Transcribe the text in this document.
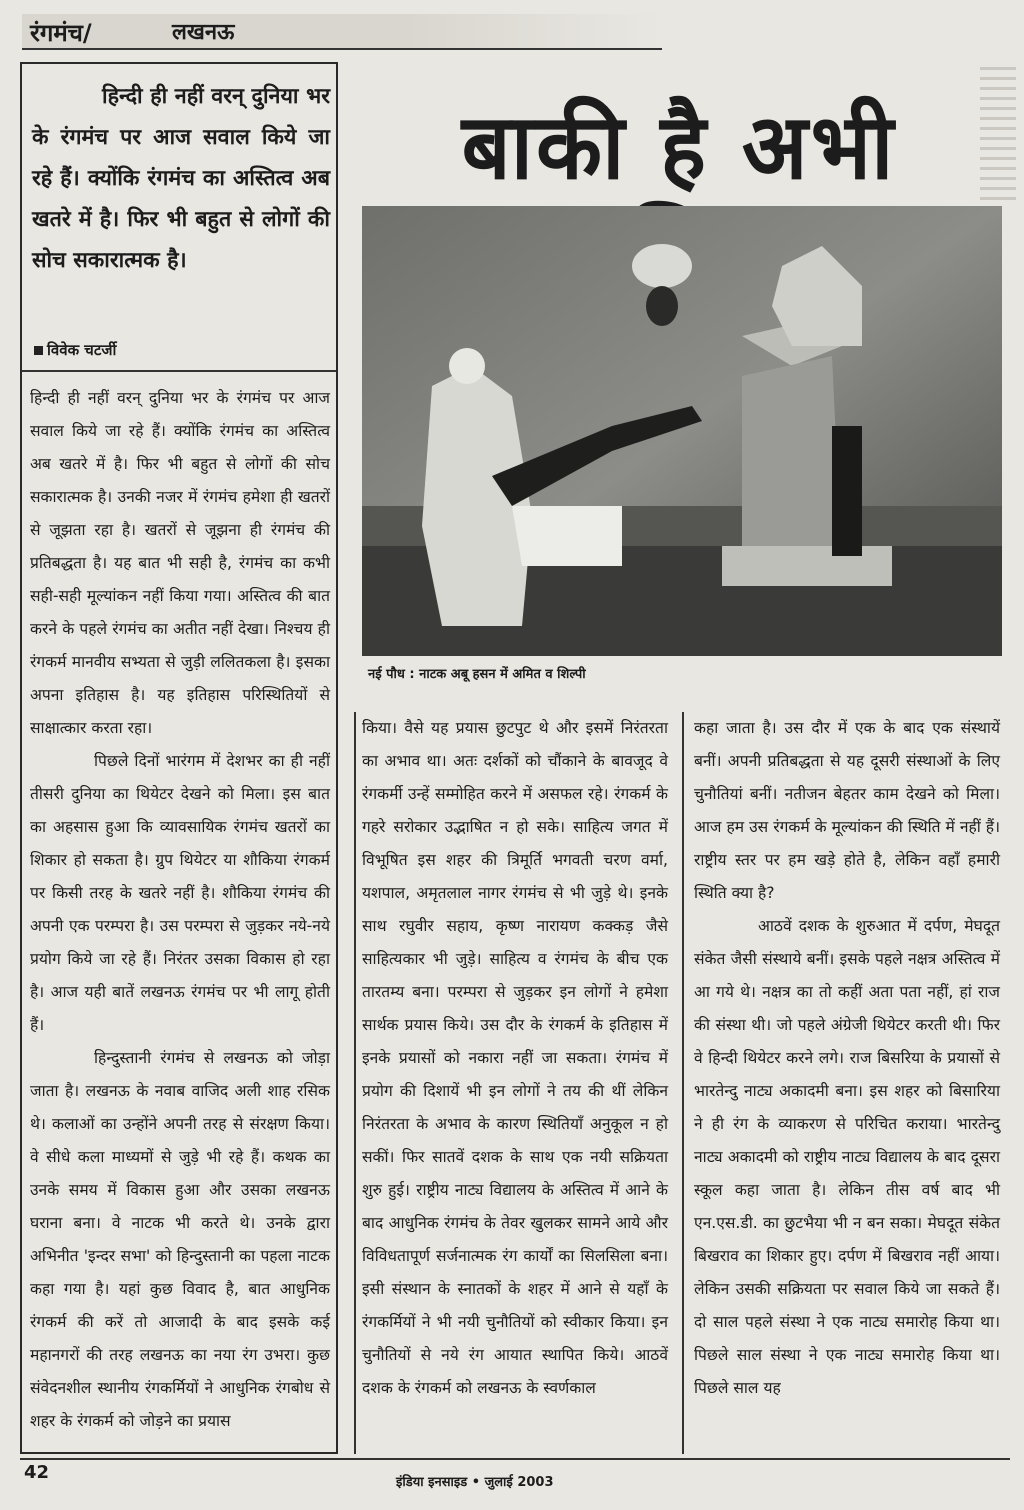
रंगमंच/	लखनऊ
हिन्दी ही नहीं वरन् दुनिया भर के रंगमंच पर आज सवाल किये जा रहे हैं। क्योंकि रंगमंच का अस्तित्व अब खतरे में है। फिर भी बहुत से लोगों की सोच सकारात्मक है।
विवेक चटर्जी

हिन्दी ही नहीं वरन् दुनिया भर के रंगमंच पर आज सवाल किये जा रहे हैं। क्योंकि रंगमंच का अस्तित्व अब खतरे में है। फिर भी बहुत से लोगों की सोच सकारात्मक है। उनकी नजर में रंगमंच हमेशा ही खतरों से जूझता रहा है। खतरों से जूझना ही रंगमंच की प्रतिबद्धता है। यह बात भी सही है, रंगमंच का कभी सही-सही मूल्यांकन नहीं किया गया। अस्तित्व की बात करने के पहले रंगमंच का अतीत नहीं देखा। निश्चय ही रंगकर्म मानवीय सभ्यता से जुड़ी ललितकला है। इसका अपना इतिहास है। यह इतिहास परिस्थितियों से साक्षात्कार करता रहा।

पिछले दिनों भारंगम में देशभर का ही नहीं तीसरी दुनिया का थियेटर देखने को मिला। इस बात का अहसास हुआ कि व्यावसायिक रंगमंच खतरों का शिकार हो सकता है। ग्रुप थियेटर या शौकिया रंगकर्म पर किसी तरह के खतरे नहीं है। शौकिया रंगमंच की अपनी एक परम्परा है। उस परम्परा से जुड़कर नये-नये प्रयोग किये जा रहे हैं। निरंतर उसका विकास हो रहा है। आज यही बातें लखनऊ रंगमंच पर भी लागू होती हैं।

हिन्दुस्तानी रंगमंच से लखनऊ को जोड़ा जाता है। लखनऊ के नवाब वाजिद अली शाह रसिक थे। कलाओं का उन्होंने अपनी तरह से संरक्षण किया। वे सीधे कला माध्यमों से जुड़े भी रहे हैं। कथक का उनके समय में विकास हुआ और उसका लखनऊ घराना बना। वे नाटक भी करते थे। उनके द्वारा अभिनीत 'इन्दर सभा' को हिन्दुस्तानी का पहला नाटक कहा गया है। यहां कुछ विवाद है, बात आधुनिक रंगकर्म की करें तो आजादी के बाद इसके कई महानगरों की तरह लखनऊ का नया रंग उभरा। कुछ संवेदनशील स्थानीय रंगकर्मियों ने आधुनिक रंगबोध से शहर के रंगकर्म को जोड़ने का प्रयास

बाकी है अभी
नई पौध : नाटक अबू हसन में अमित व शिल्पी

किया। वैसे यह प्रयास छुटपुट थे और इसमें निरंतरता का अभाव था। अतः दर्शकों को चौंकाने के बावजूद वे रंगकर्मी उन्हें सम्मोहित करने में असफल रहे। रंगकर्म के गहरे सरोकार उद्भाषित न हो सके। साहित्य जगत में विभूषित इस शहर की त्रिमूर्ति भगवती चरण वर्मा, यशपाल, अमृतलाल नागर रंगमंच से भी जुड़े थे। इनके साथ रघुवीर सहाय, कृष्ण नारायण कक्कड़ जैसे साहित्यकार भी जुड़े। साहित्य व रंगमंच के बीच एक तारतम्य बना। परम्परा से जुड़कर इन लोगों ने हमेशा सार्थक प्रयास किये। उस दौर के रंगकर्म के इतिहास में इनके प्रयासों को नकारा नहीं जा सकता। रंगमंच में प्रयोग की दिशायें भी इन लोगों ने तय की थीं लेकिन निरंतरता के अभाव के कारण स्थितियाँ अनुकूल न हो सकीं। फिर सातवें दशक के साथ एक नयी सक्रियता शुरु हुई। राष्ट्रीय नाट्य विद्यालय के अस्तित्व में आने के बाद आधुनिक रंगमंच के तेवर खुलकर सामने आये और विविधतापूर्ण सर्जनात्मक रंग कार्यों का सिलसिला बना। इसी संस्थान के स्नातकों के शहर में आने से यहाँ के रंगकर्मियों ने भी नयी चुनौतियों को स्वीकार किया। इन चुनौतियों से नये रंग आयात स्थापित किये। आठवें दशक के रंगकर्म को लखनऊ के स्वर्णकाल

कहा जाता है। उस दौर में एक के बाद एक संस्थायें बनीं। अपनी प्रतिबद्धता से यह दूसरी संस्थाओं के लिए चुनौतियां बनीं। नतीजन बेहतर काम देखने को मिला। आज हम उस रंगकर्म के मूल्यांकन की स्थिति में नहीं हैं। राष्ट्रीय स्तर पर हम खड़े होते है, लेकिन वहाँ हमारी स्थिति क्या है?

आठवें दशक के शुरुआत में दर्पण, मेघदूत संकेत जैसी संस्थाये बनीं। इसके पहले नक्षत्र अस्तित्व में आ गये थे। नक्षत्र का तो कहीं अता पता नहीं, हां राज की संस्था थी। जो पहले अंग्रेजी थियेटर करती थी। फिर वे हिन्दी थियेटर करने लगे। राज बिसरिया के प्रयासों से भारतेन्दु नाट्य अकादमी बना। इस शहर को बिसारिया ने ही रंग के व्याकरण से परिचित कराया। भारतेन्दु नाट्य अकादमी को राष्ट्रीय नाट्य विद्यालय के बाद दूसरा स्कूल कहा जाता है। लेकिन तीस वर्ष बाद भी एन.एस.डी. का छुटभैया भी न बन सका। मेघदूत संकेत बिखराव का शिकार हुए। दर्पण में बिखराव नहीं आया। लेकिन उसकी सक्रियता पर सवाल किये जा सकते हैं। दो साल पहले संस्था ने एक नाट्य समारोह किया था। पिछले साल संस्था ने एक नाट्य समारोह किया था। पिछले साल यह

42	इंडिया इनसाइड • जुलाई 2003
